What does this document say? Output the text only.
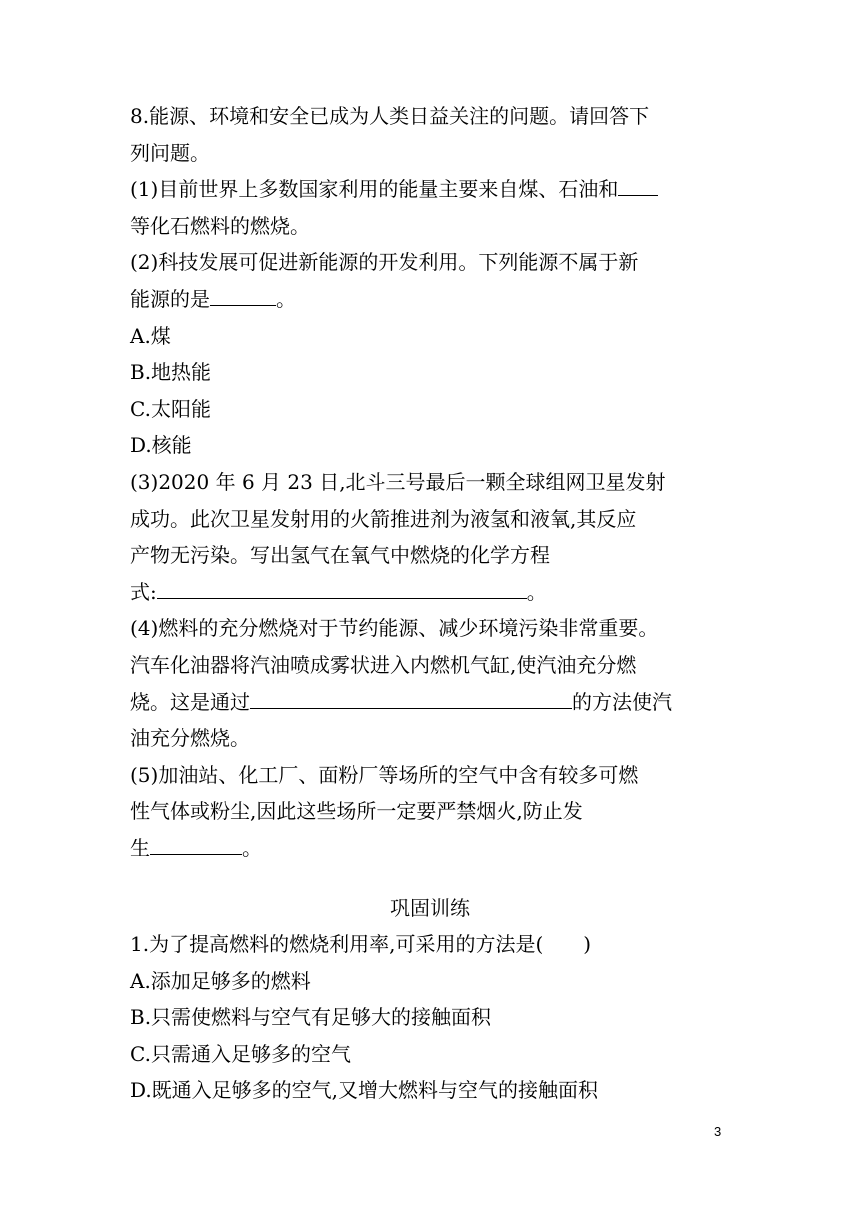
8.能源、环境和安全已成为人类日益关注的问题。请回答下
列问题。
(1)目前世界上多数国家利用的能量主要来自煤、石油和
等化石燃料的燃烧。
(2)科技发展可促进新能源的开发利用。下列能源不属于新
能源的是	。
A.煤
B.地热能
C.太阳能
D.核能
(3)2020 年 6 月 23 日,北斗三号最后一颗全球组网卫星发射
成功。此次卫星发射用的火箭推进剂为液氢和液氧,其反应
产物无污染。写出氢气在氧气中燃烧的化学方程
式:	。
(4)燃料的充分燃烧对于节约能源、减少环境污染非常重要。
汽车化油器将汽油喷成雾状进入内燃机气缸,使汽油充分燃
烧。这是通过	的方法使汽
油充分燃烧。
(5)加油站、化工厂、面粉厂等场所的空气中含有较多可燃
性气体或粉尘,因此这些场所一定要严禁烟火,防止发
生	。
巩固训练
1.为了提高燃料的燃烧利用率,可采用的方法是(　　)
A.添加足够多的燃料
B.只需使燃料与空气有足够大的接触面积
C.只需通入足够多的空气
D.既通入足够多的空气,又增大燃料与空气的接触面积
3
